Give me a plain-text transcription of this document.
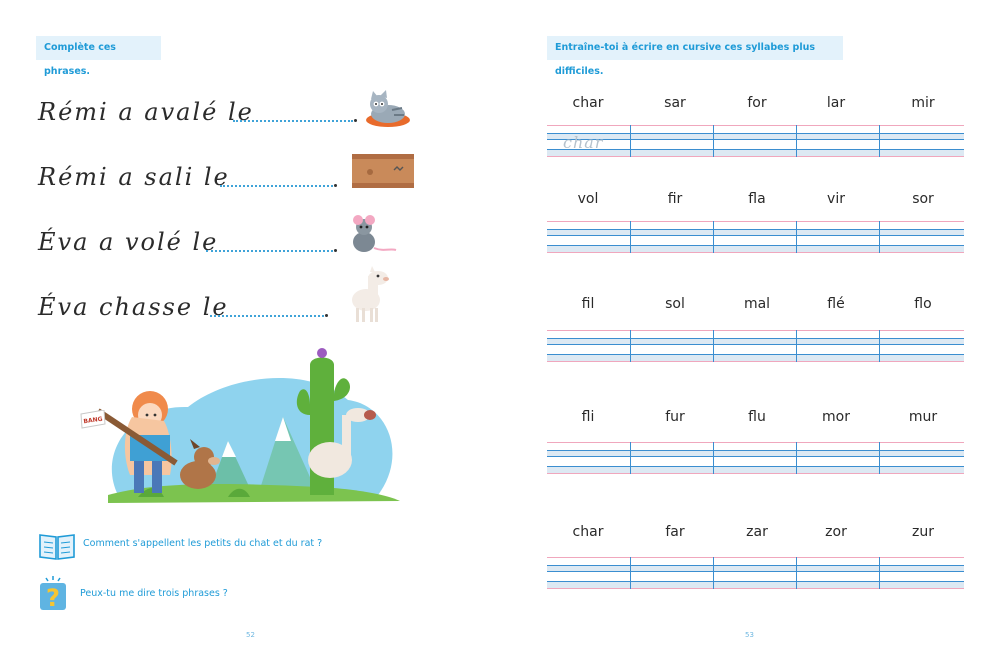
Complète ces phrases.
Rémi a avalé le
Rémi a sali le
Éva a volé le
Éva chasse le
BANG
Comment s'appellent les petits du chat et du rat ?
? Peux-tu me dire trois phrases ?
52
Entraîne-toi à écrire en cursive ces syllabes plus difficiles.
char	sar	for	lar	mir
char
vol	fir	fla	vir	sor
fil	sol	mal	flé	flo
fli	fur	flu	mor	mur
char	far	zar	zor	zur
53
